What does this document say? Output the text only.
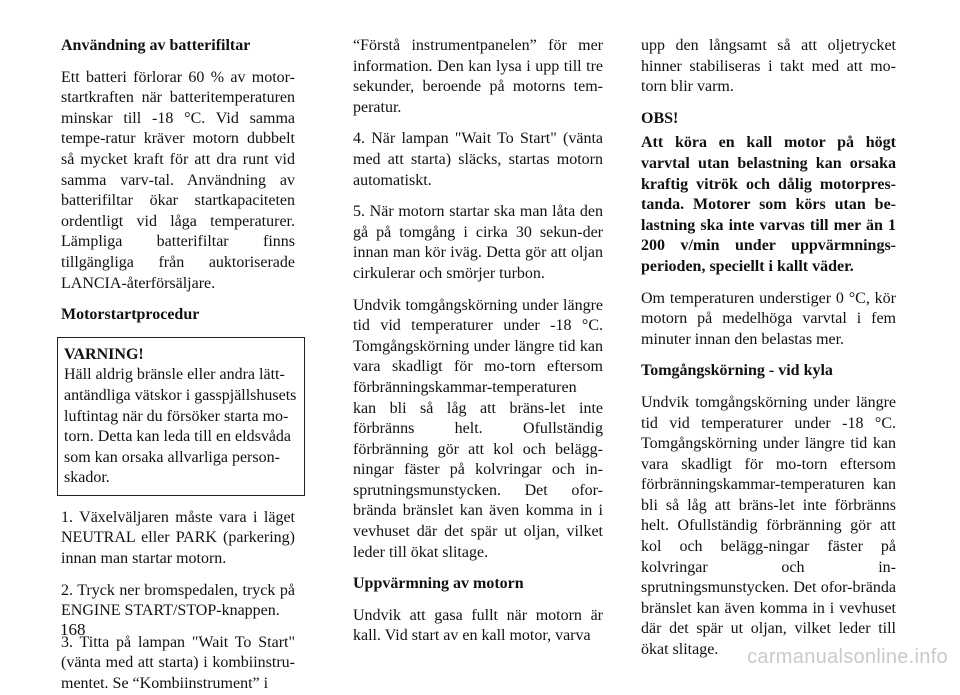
Användning av batterifiltar

Ett batteri förlorar 60 % av motor-startkraften när batteritemperaturen minskar till -18 °C. Vid samma tempe-ratur kräver motorn dubbelt så mycket kraft för att dra runt vid samma varv-tal. Användning av batterifiltar ökar startkapaciteten ordentligt vid låga temperaturer. Lämpliga batterifiltar finns tillgängliga från auktoriserade LANCIA-återförsäljare.

Motorstartprocedur

VARNING!
Häll aldrig bränsle eller andra lätt-antändliga vätskor i gasspjällshusets luftintag när du försöker starta mo-torn. Detta kan leda till en eldsvåda som kan orsaka allvarliga person-skador.

1. Växelväljaren måste vara i läget NEUTRAL eller PARK (parkering) innan man startar motorn.

2. Tryck ner bromspedalen, tryck på ENGINE START/STOP-knappen.

3. Titta på lampan "Wait To Start" (vänta med att starta) i kombiinstru-mentet. Se “Kombiinstrument” i

“Förstå instrumentpanelen” för mer information. Den kan lysa i upp till tre sekunder, beroende på motorns tem-peratur.

4. När lampan "Wait To Start" (vänta med att starta) släcks, startas motorn automatiskt.

5. När motorn startar ska man låta den gå på tomgång i cirka 30 sekun-der innan man kör iväg. Detta gör att oljan cirkulerar och smörjer turbon.

Undvik tomgångskörning under längre tid vid temperaturer under -18 °C. Tomgångskörning under längre tid kan vara skadligt för mo-torn eftersom förbränningskammar-temperaturen kan bli så låg att bräns-let inte förbränns helt. Ofullständig förbränning gör att kol och belägg-ningar fäster på kolvringar och in-sprutningsmunstycken. Det ofor-brända bränslet kan även komma in i vevhuset där det spär ut oljan, vilket leder till ökat slitage.

Uppvärmning av motorn

Undvik att gasa fullt när motorn är kall. Vid start av en kall motor, varva

upp den långsamt så att oljetrycket hinner stabiliseras i takt med att mo-torn blir varm.

OBS!

Att köra en kall motor på högt varvtal utan belastning kan orsaka kraftig vitrök och dålig motorpres-tanda. Motorer som körs utan be-lastning ska inte varvas till mer än 1 200 v/min under uppvärmnings-perioden, speciellt i kallt väder.

Om temperaturen understiger 0 °C, kör motorn på medelhöga varvtal i fem minuter innan den belastas mer.

Tomgångskörning - vid kyla

Undvik tomgångskörning under längre tid vid temperaturer under -18 °C. Tomgångskörning under längre tid kan vara skadligt för mo-torn eftersom förbränningskammar-temperaturen kan bli så låg att bräns-let inte förbränns helt. Ofullständig förbränning gör att kol och belägg-ningar fäster på kolvringar och in-sprutningsmunstycken. Det ofor-brända bränslet kan även komma in i vevhuset där det spär ut oljan, vilket leder till ökat slitage.

168
carmanualsonline.info
